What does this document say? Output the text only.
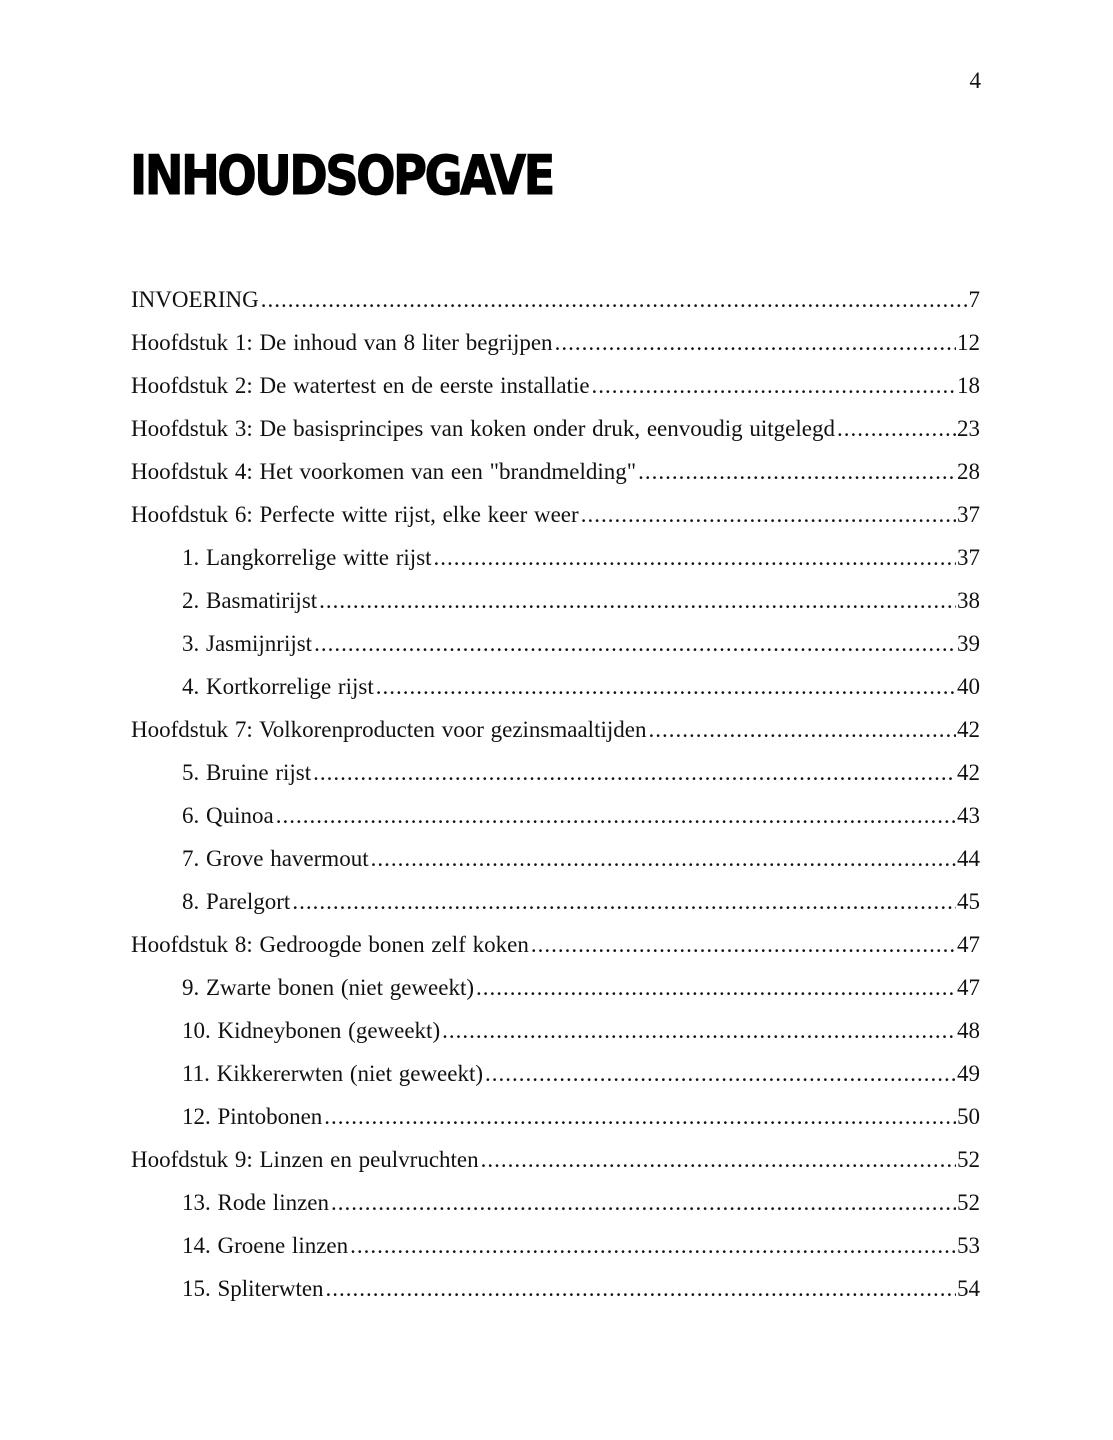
4
INHOUDSOPGAVE
INVOERING .....	7
Hoofdstuk 1: De inhoud van 8 liter begrijpen .....	12
Hoofdstuk 2: De watertest en de eerste installatie .....	18
Hoofdstuk 3: De basisprincipes van koken onder druk, eenvoudig uitgelegd .....	23
Hoofdstuk 4: Het voorkomen van een "brandmelding" .....	28
Hoofdstuk 6: Perfecte witte rijst, elke keer weer .....	37
1. Langkorrelige witte rijst .....	37
2. Basmatirijst .....	38
3. Jasmijnrijst .....	39
4. Kortkorrelige rijst .....	40
Hoofdstuk 7: Volkorenproducten voor gezinsmaaltijden .....	42
5. Bruine rijst .....	42
6. Quinoa .....	43
7. Grove havermout .....	44
8. Parelgort .....	45
Hoofdstuk 8: Gedroogde bonen zelf koken .....	47
9. Zwarte bonen (niet geweekt) .....	47
10. Kidneybonen (geweekt) .....	48
11. Kikkererwten (niet geweekt) .....	49
12. Pintobonen .....	50
Hoofdstuk 9: Linzen en peulvruchten .....	52
13. Rode linzen .....	52
14. Groene linzen .....	53
15. Spliterwten .....	54
